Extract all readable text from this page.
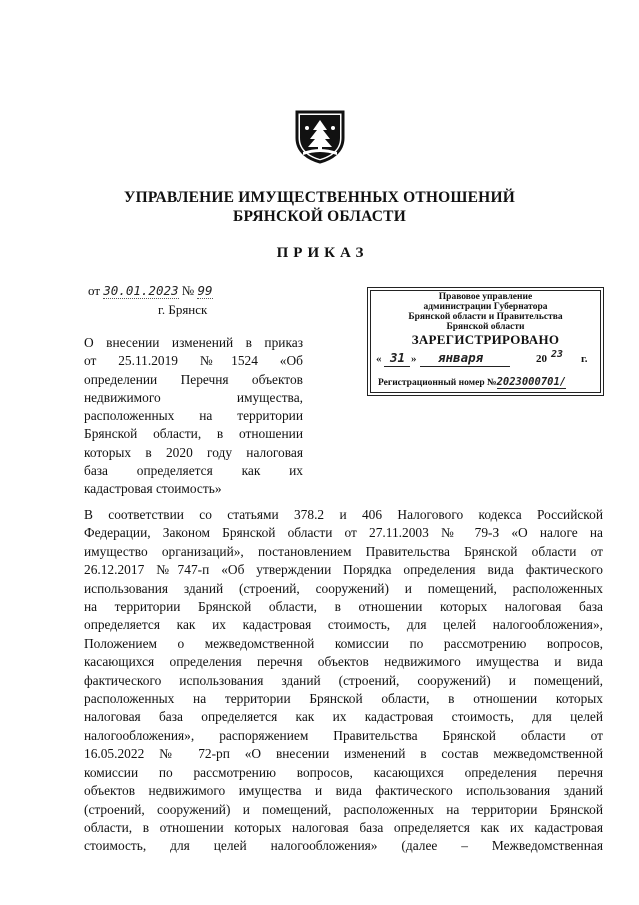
УПРАВЛЕНИЕ ИМУЩЕСТВЕННЫХ ОТНОШЕНИЙ
БРЯНСКОЙ ОБЛАСТИ
ПРИКАЗ
от 30.01.2023 № 99
г. Брянск
О внесении изменений в приказ
от 25.11.2019 №1524 «Об
определении Перечня объектов
недвижимого имущества,
расположенных на территории
Брянской области, в отношении
которых в 2020 году налоговая
база определяется как их
кадастровая стоимость»
Правовое управление
администрации Губернатора
Брянской области и Правительства
Брянской области
ЗАРЕГИСТРИРОВАНО
« 31 » января	20 23 г.
Регистрационный номер №2023000701/
В соответствии со статьями 378.2 и 406 Налогового кодекса Российской
Федерации, Законом Брянской области от 27.11.2003 № 79-З «О налоге на
имущество организаций», постановлением Правительства Брянской области от
26.12.2017 №747-п «Об утверждении Порядка определения вида фактического
использования зданий (строений, сооружений) и помещений, расположенных
на территории Брянской области, в отношении которых налоговая база
определяется как их кадастровая стоимость, для целей налогообложения»,
Положением о межведомственной комиссии по рассмотрению вопросов,
касающихся определения перечня объектов недвижимого имущества и вида
фактического использования зданий (строений, сооружений) и помещений,
расположенных на территории Брянской области, в отношении которых
налоговая база определяется как их кадастровая стоимость, для целей
налогообложения», распоряжением Правительства Брянской области от
16.05.2022 № 72-рп «О внесении изменений в состав межведомственной
комиссии по рассмотрению вопросов, касающихся определения перечня
объектов недвижимого имущества и вида фактического использования зданий
(строений, сооружений) и помещений, расположенных на территории Брянской
области, в отношении которых налоговая база определяется как их кадастровая
стоимость, для целей налогообложения» (далее – Межведомственная
